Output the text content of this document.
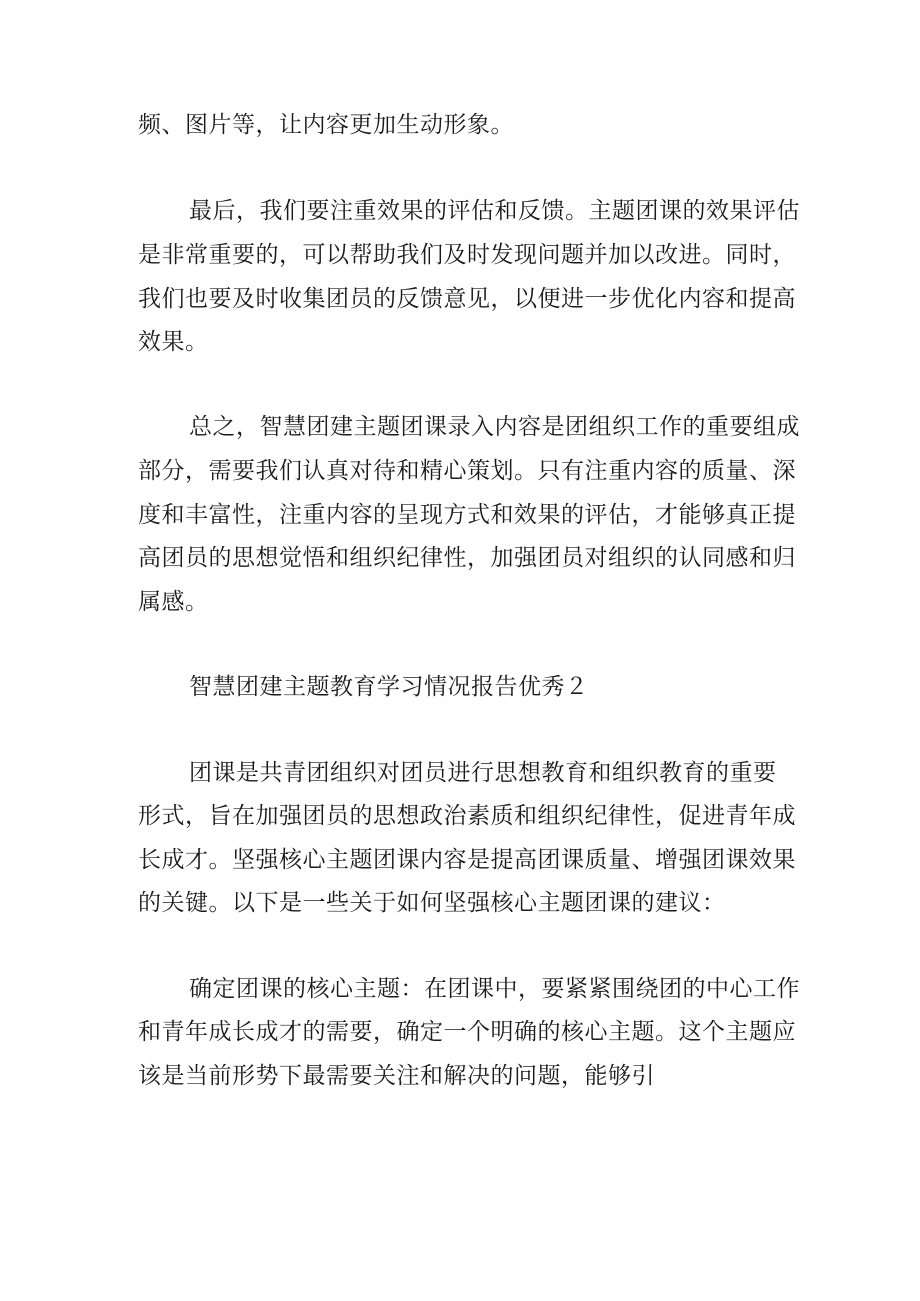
频、图片等，让内容更加生动形象。
最后，我们要注重效果的评估和反馈。主题团课的效果评估
是非常重要的，可以帮助我们及时发现问题并加以改进。同时，
我们也要及时收集团员的反馈意见，以便进一步优化内容和提高
效果。
总之，智慧团建主题团课录入内容是团组织工作的重要组成
部分，需要我们认真对待和精心策划。只有注重内容的质量、深
度和丰富性，注重内容的呈现方式和效果的评估，才能够真正提
高团员的思想觉悟和组织纪律性，加强团员对组织的认同感和归
属感。
智慧团建主题教育学习情况报告优秀２
团课是共青团组织对团员进行思想教育和组织教育的重要
形式，旨在加强团员的思想政治素质和组织纪律性，促进青年成
长成才。坚强核心主题团课内容是提高团课质量、增强团课效果
的关键。以下是一些关于如何坚强核心主题团课的建议：
确定团课的核心主题：在团课中，要紧紧围绕团的中心工作
和青年成长成才的需要，确定一个明确的核心主题。这个主题应
该是当前形势下最需要关注和解决的问题，能够引
